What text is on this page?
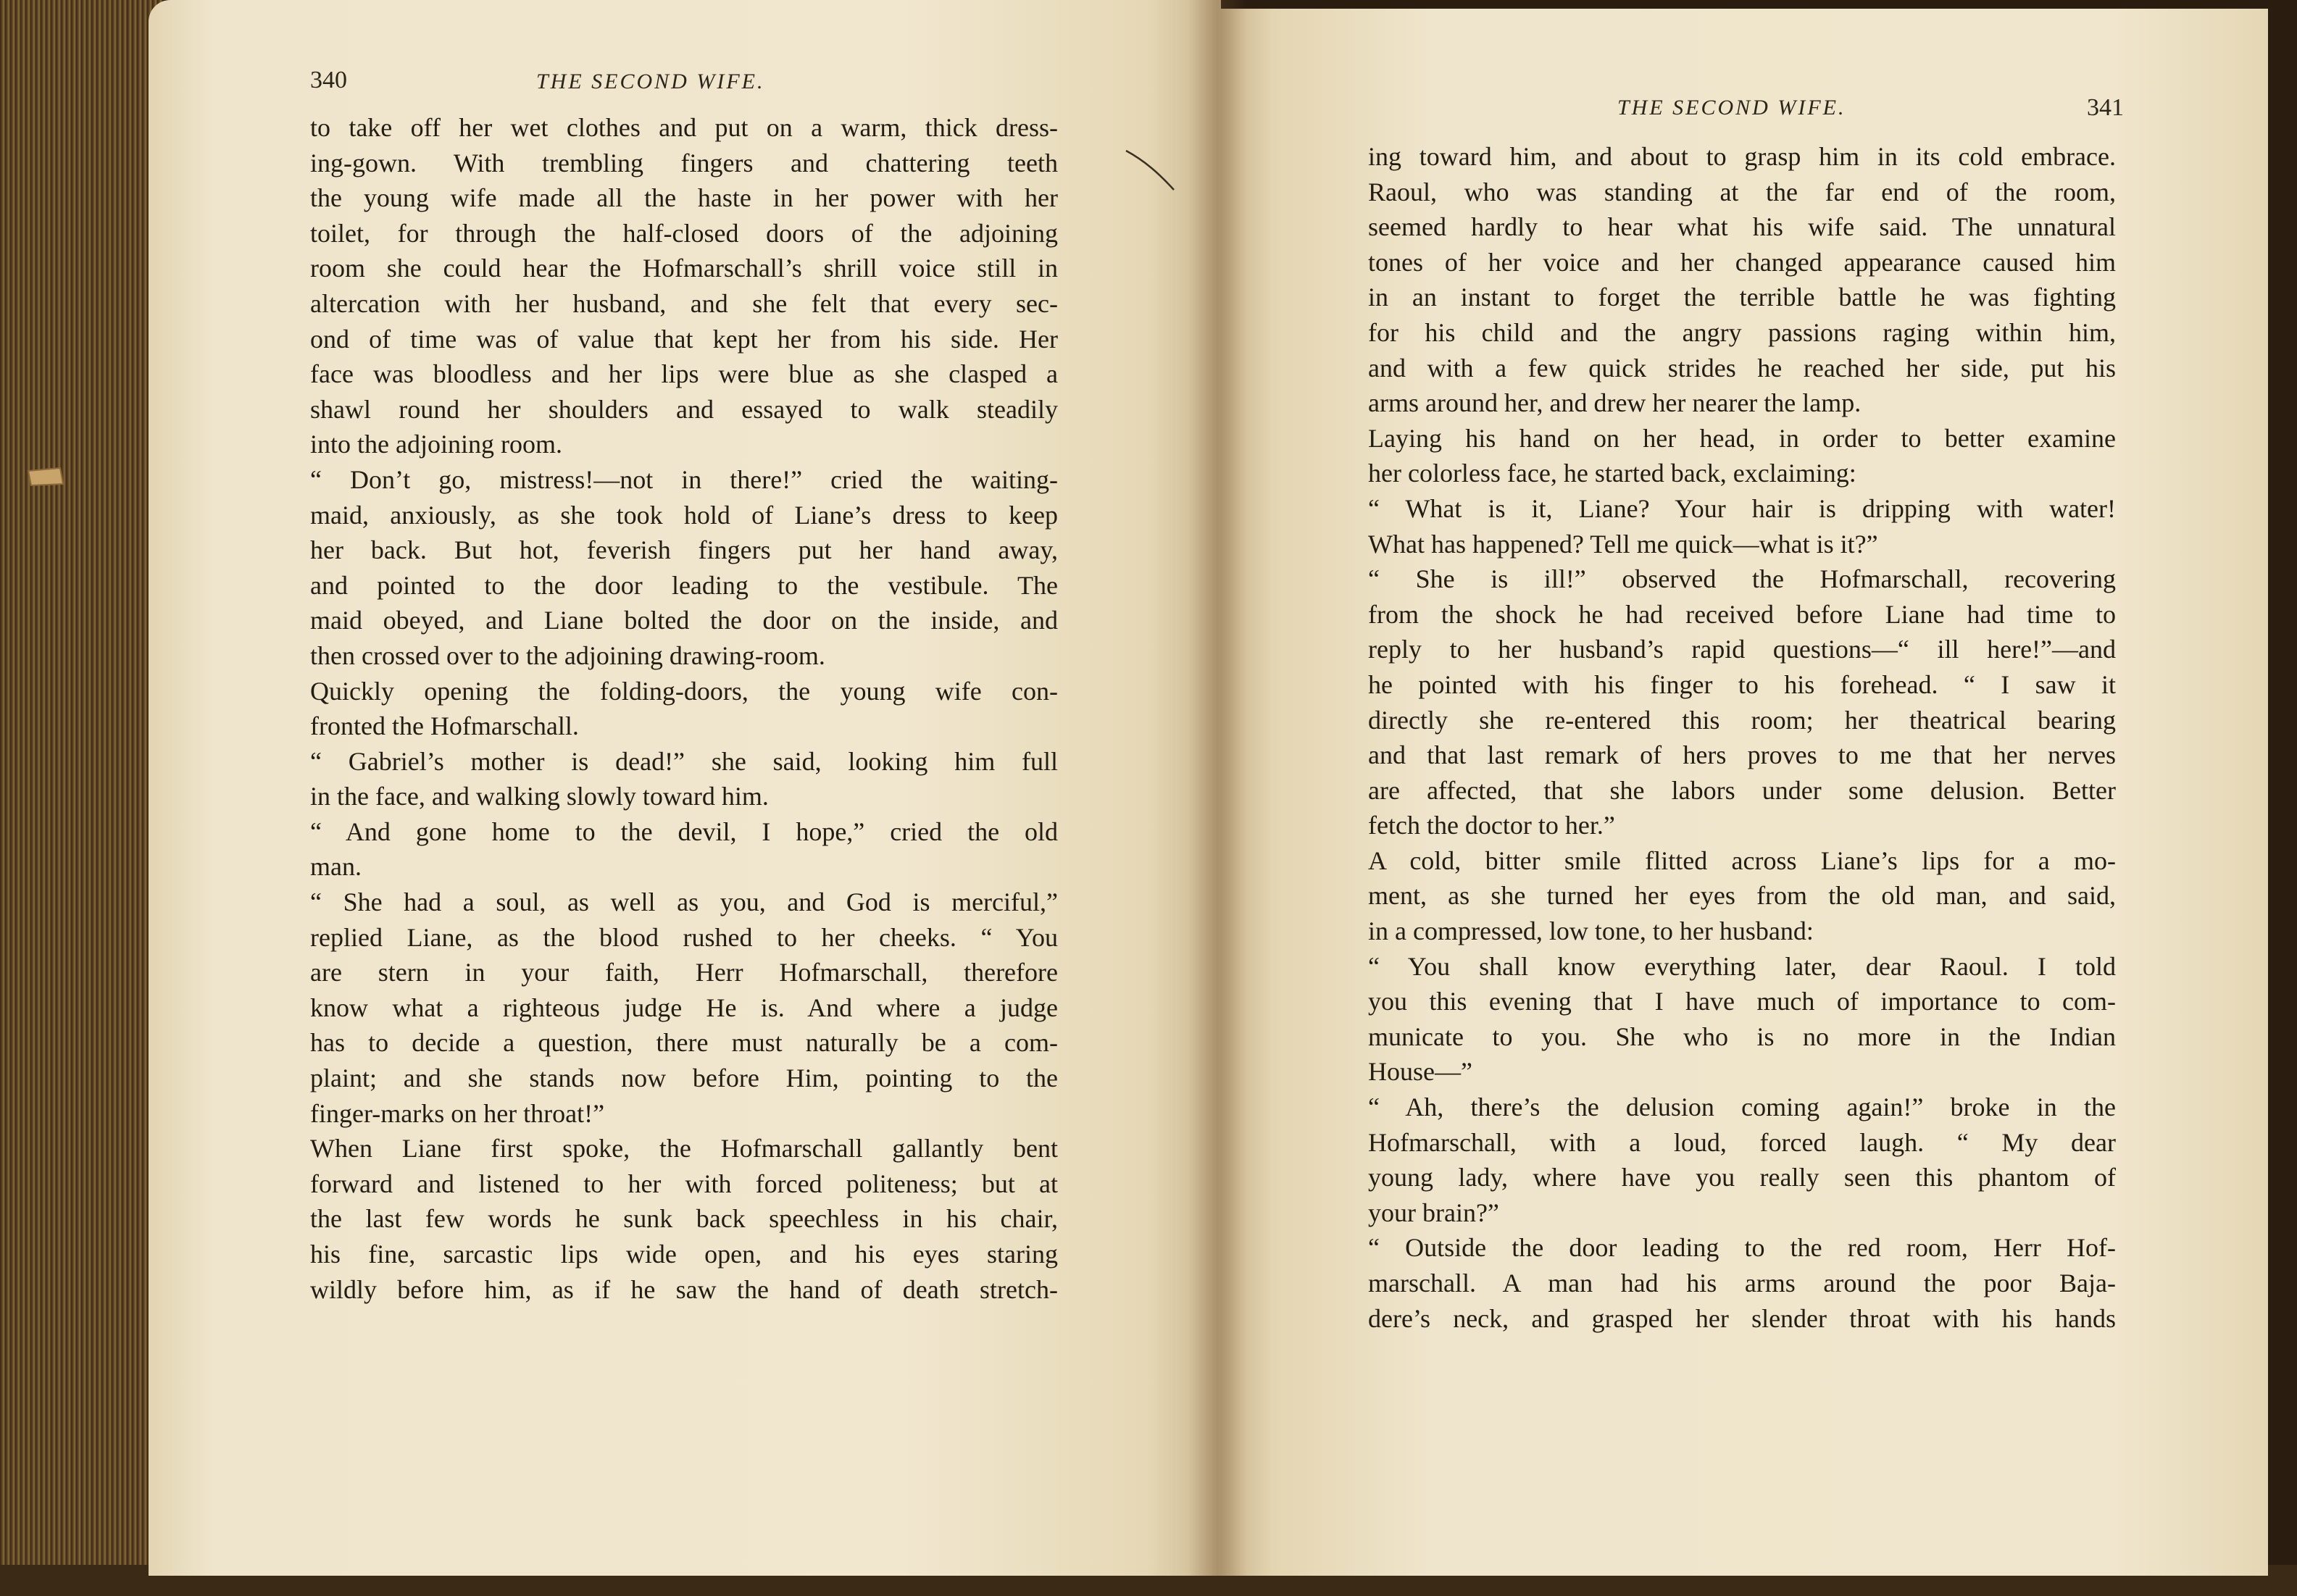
340	THE SECOND WIFE.
THE SECOND WIFE.	341
to take off her wet clothes and put on a warm, thick dress-
ing-gown. With trembling fingers and chattering teeth
the young wife made all the haste in her power with her
toilet, for through the half-closed doors of the adjoining
room she could hear the Hofmarschall’s shrill voice still in
altercation with her husband, and she felt that every sec-
ond of time was of value that kept her from his side. Her
face was bloodless and her lips were blue as she clasped a
shawl round her shoulders and essayed to walk steadily
into the adjoining room.
“ Don’t go, mistress!—not in there!” cried the waiting-
maid, anxiously, as she took hold of Liane’s dress to keep
her back. But hot, feverish fingers put her hand away,
and pointed to the door leading to the vestibule. The
maid obeyed, and Liane bolted the door on the inside, and
then crossed over to the adjoining drawing-room.
Quickly opening the folding-doors, the young wife con-
fronted the Hofmarschall.
“ Gabriel’s mother is dead!” she said, looking him full
in the face, and walking slowly toward him.
“ And gone home to the devil, I hope,” cried the old
man.
“ She had a soul, as well as you, and God is merciful,”
replied Liane, as the blood rushed to her cheeks. “ You
are stern in your faith, Herr Hofmarschall, therefore
know what a righteous judge He is. And where a judge
has to decide a question, there must naturally be a com-
plaint; and she stands now before Him, pointing to the
finger-marks on her throat!”
When Liane first spoke, the Hofmarschall gallantly bent
forward and listened to her with forced politeness; but at
the last few words he sunk back speechless in his chair,
his fine, sarcastic lips wide open, and his eyes staring
wildly before him, as if he saw the hand of death stretch-
ing toward him, and about to grasp him in its cold embrace.
Raoul, who was standing at the far end of the room,
seemed hardly to hear what his wife said. The unnatural
tones of her voice and her changed appearance caused him
in an instant to forget the terrible battle he was fighting
for his child and the angry passions raging within him,
and with a few quick strides he reached her side, put his
arms around her, and drew her nearer the lamp.
Laying his hand on her head, in order to better examine
her colorless face, he started back, exclaiming:
“ What is it, Liane? Your hair is dripping with water!
What has happened? Tell me quick—what is it?”
“ She is ill!” observed the Hofmarschall, recovering
from the shock he had received before Liane had time to
reply to her husband’s rapid questions—“ ill here!”—and
he pointed with his finger to his forehead. “ I saw it
directly she re-entered this room; her theatrical bearing
and that last remark of hers proves to me that her nerves
are affected, that she labors under some delusion. Better
fetch the doctor to her.”
A cold, bitter smile flitted across Liane’s lips for a mo-
ment, as she turned her eyes from the old man, and said,
in a compressed, low tone, to her husband:
“ You shall know everything later, dear Raoul. I told
you this evening that I have much of importance to com-
municate to you. She who is no more in the Indian
House—”
“ Ah, there’s the delusion coming again!” broke in the
Hofmarschall, with a loud, forced laugh. “ My dear
young lady, where have you really seen this phantom of
your brain?”
“ Outside the door leading to the red room, Herr Hof-
marschall. A man had his arms around the poor Baja-
dere’s neck, and grasped her slender throat with his hands
